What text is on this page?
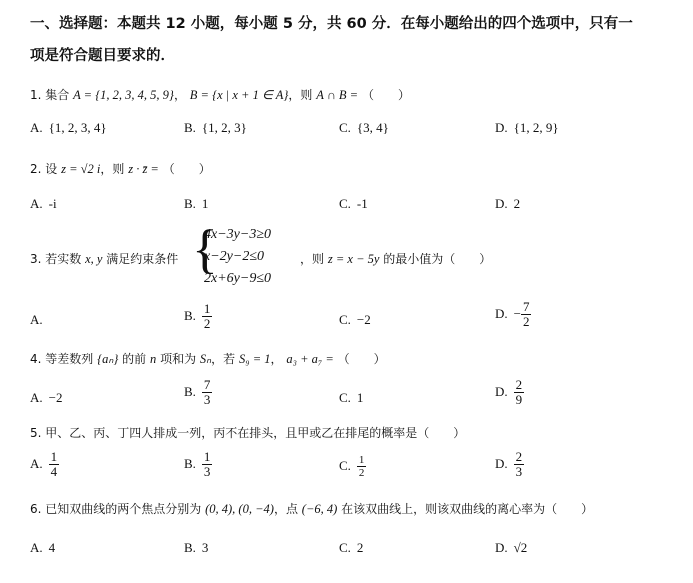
一、选择题：本题共 12 小题，每小题 5 分，共 60 分．在每小题给出的四个选项中，只有一
项是符合题目要求的．
1. 集合 A = {1, 2, 3, 4, 5, 9}， B = {x | x + 1 ∈ A}，则 A ∩ B = （　　）
A. {1, 2, 3, 4}	B. {1, 2, 3}	C. {3, 4}	D. {1, 2, 9}
2. 设 z = √2 i，则 z · z̄ = （　　）
A. -i	B. 1	C. -1	D. 2
3. 若实数 x, y 满足约束条件 {
4x−3y−3≥0
x−2y−2≤0
2x+6y−9≤0
，则 z = x − 5y 的最小值为（　　）
A.	B. $\frac{1}{2}$	C. −2	D. − $\frac{7}{2}$
4. 等差数列 {aₙ} 的前 n 项和为 Sₙ，若 S₉ = 1， a₃ + a₇ = （　　）
A. −2	B. $\frac{7}{3}$	C. 1	D. $\frac{2}{9}$
5. 甲、乙、丙、丁四人排成一列，丙不在排头，且甲或乙在排尾的概率是（　　）
A. $\frac{1}{4}$	B. $\frac{1}{3}$	C. $\frac{1}{2}$	D. $\frac{2}{3}$
6. 已知双曲线的两个焦点分别为 (0, 4), (0, −4)，点 (−6, 4) 在该双曲线上，则该双曲线的离心率为（　　）
A. 4	B. 3	C. 2	D. √2
